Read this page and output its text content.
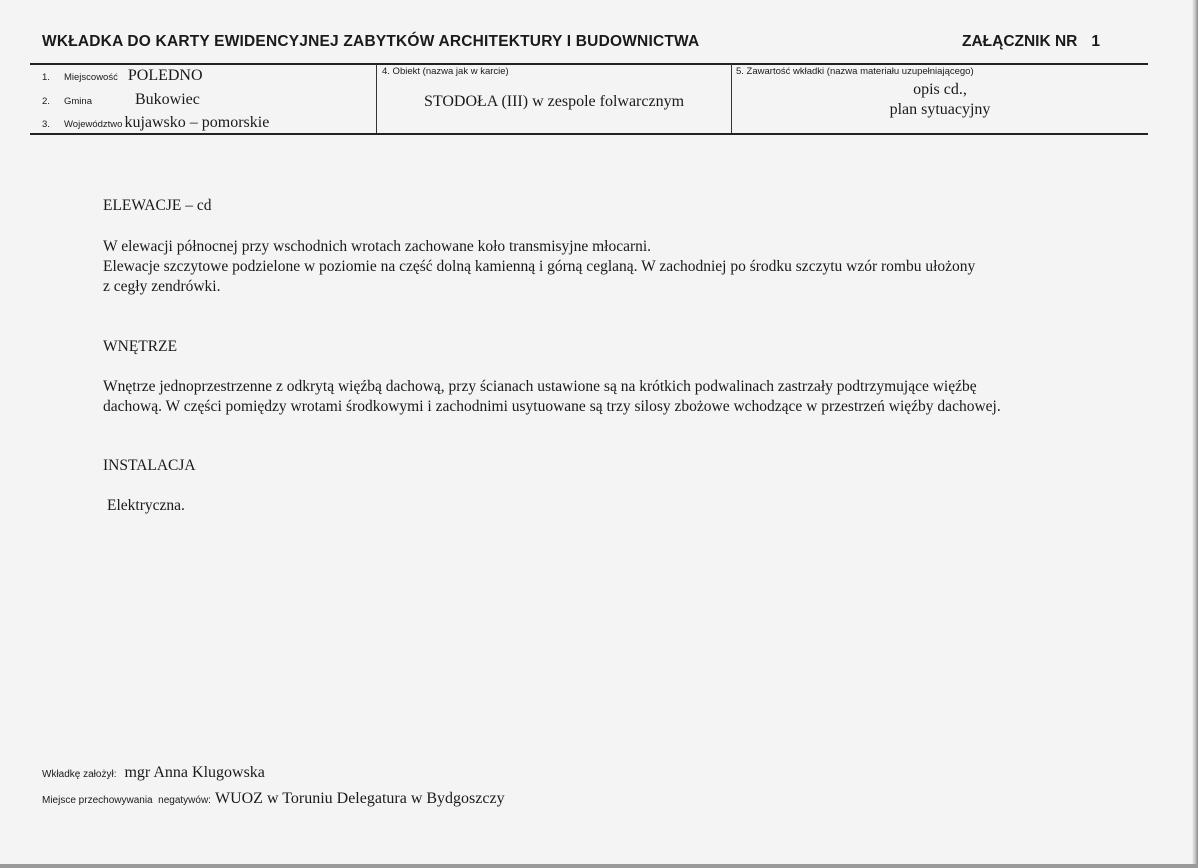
WKŁADKA DO KARTY EWIDENCYJNEJ ZABYTKÓW ARCHITEKTURY I BUDOWNICTWA	ZAŁĄCZNIK NR 1
1. Miejscowość POLEDNO
2. Gmina	Bukowiec
3. Województwo kujawsko – pomorskie
4. Obiekt (nazwa jak w karcie)
STODOŁA (III) w zespole folwarcznym
5. Zawartość wkładki (nazwa materiału uzupełniającego)
opis cd.,
plan sytuacyjny
ELEWACJE – cd
W elewacji północnej przy wschodnich wrotach zachowane koło transmisyjne młocarni.
Elewacje szczytowe podzielone w poziomie na część dolną kamienną i górną ceglaną. W zachodniej po środku szczytu wzór rombu ułożony
z cegły zendrówki.
WNĘTRZE
Wnętrze jednoprzestrzenne z odkrytą więźbą dachową, przy ścianach ustawione są na krótkich podwalinach zastrzały podtrzymujące więźbę
dachową. W części pomiędzy wrotami środkowymi i zachodnimi usytuowane są trzy silosy zbożowe wchodzące w przestrzeń więźby dachowej.
INSTALACJA
Elektryczna.
Wkładkę założył: mgr Anna Klugowska
Miejsce przechowywania  negatywów: WUOZ w Toruniu Delegatura w Bydgoszczy
